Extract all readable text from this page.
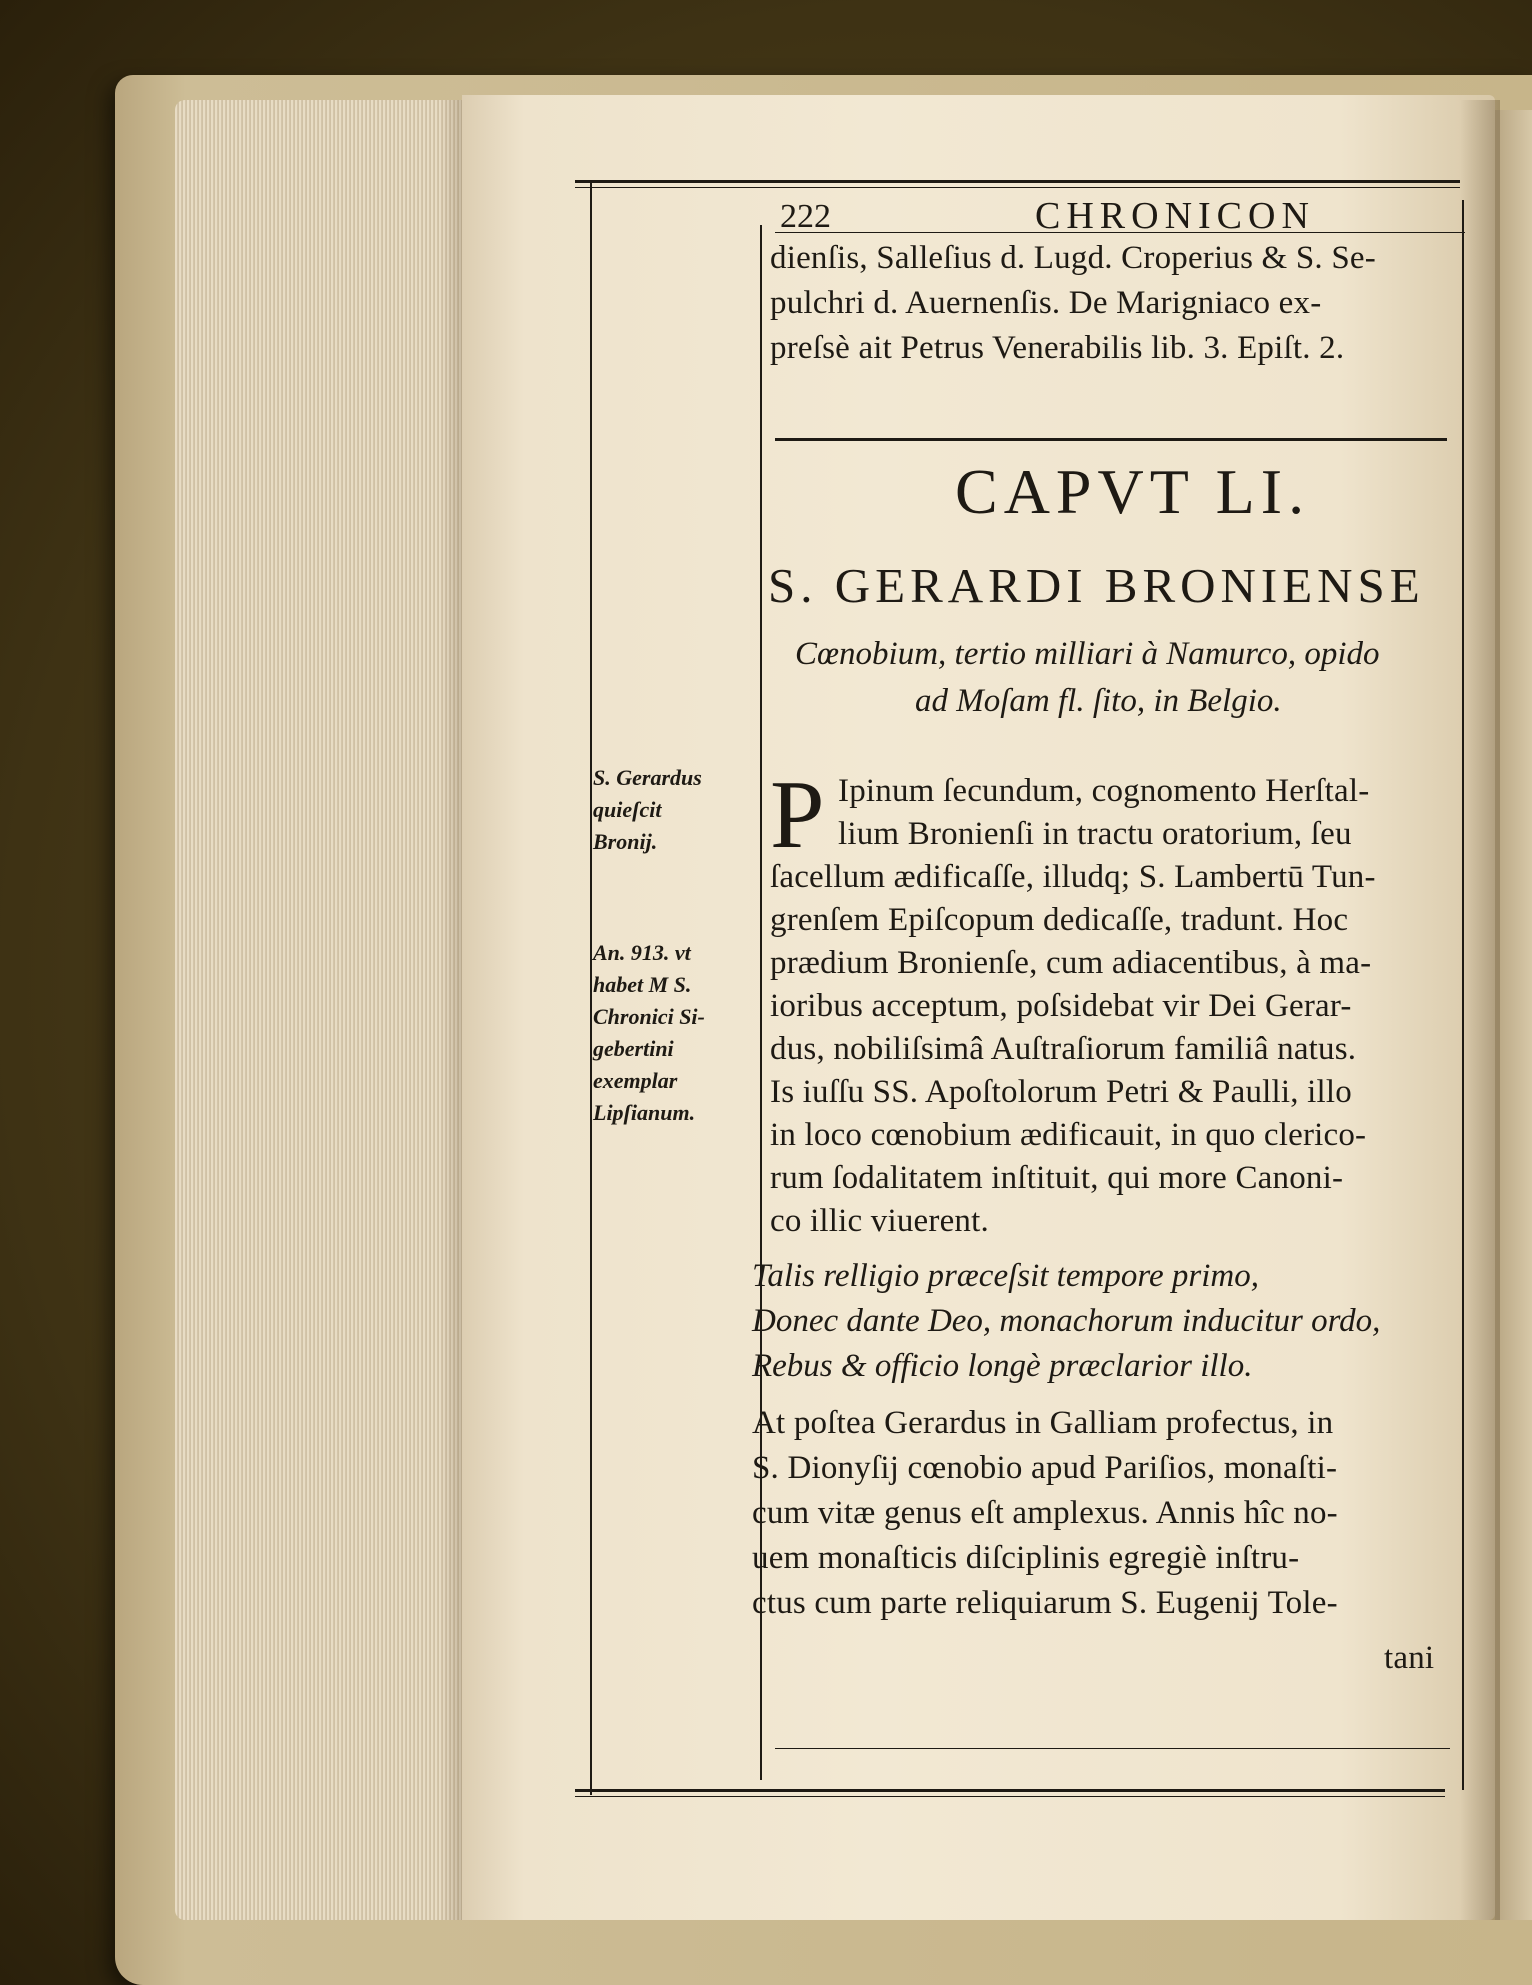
222	CHRONICON
dienſis, Salleſius d. Lugd. Croperius & S. Se-
pulchri d. Auernenſis. De Marigniaco ex-
preſsè ait Petrus Venerabilis lib. 3. Epiſt. 2.
CAPVT LI.
S. GERARDI BRONIENSE
Cœnobium, tertio milliari à Namurco, opido
ad Moſam fl. ſito, in Belgio.
P Ipinum ſecundum, cognomento Herſtal-
lium Bronienſi in tractu oratorium, ſeu
ſacellum ædificaſſe, illudq; S. Lambertū Tun-
grenſem Epiſcopum dedicaſſe, tradunt. Hoc
prædium Bronienſe, cum adiacentibus, à ma-
ioribus acceptum, poſsidebat vir Dei Gerar-
dus, nobiliſsimâ Auſtraſiorum familiâ natus.
Is iuſſu SS. Apoſtolorum Petri & Paulli, illo
in loco cœnobium ædificauit, in quo clerico-
rum ſodalitatem inſtituit, qui more Canoni-
co illic viuerent.
Talis relligio præceſsit tempore primo,
Donec dante Deo, monachorum inducitur ordo,
Rebus & officio longè præclarior illo.
At poſtea Gerardus in Galliam profectus, in
S. Dionyſij cœnobio apud Pariſios, monaſti-
cum vitæ genus eſt amplexus. Annis hîc no-
uem monaſticis diſciplinis egregiè inſtru-
ctus cum parte reliquiarum S. Eugenij Tole-
tani
S. Gerardus
quieſcit
Bronij.
An. 913. vt
habet M S.
Chronici Si-
gebertini
exemplar
Lipſianum.
